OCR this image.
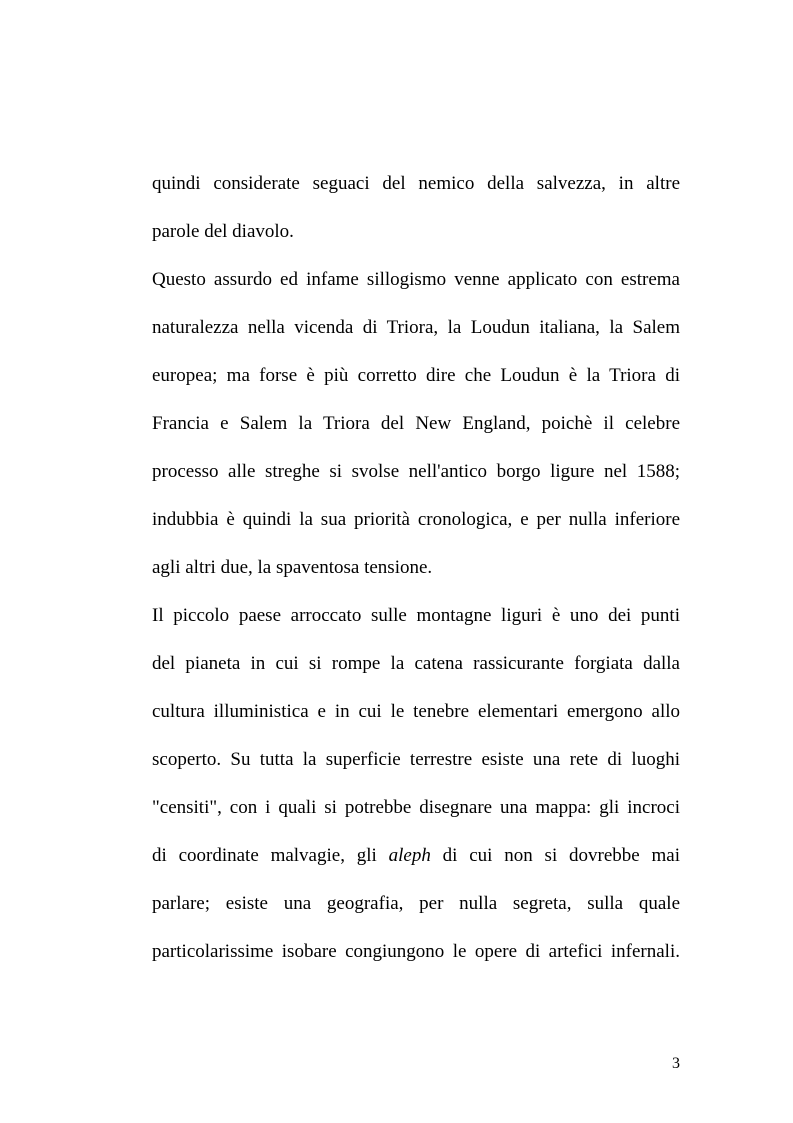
quindi considerate seguaci del nemico della salvezza, in altre
parole del diavolo.
Questo assurdo ed infame sillogismo venne applicato con estrema
naturalezza nella vicenda di Triora, la Loudun italiana, la Salem
europea; ma forse è più corretto dire che Loudun è la Triora di
Francia e Salem la Triora del New England, poichè il celebre
processo alle streghe si svolse nell'antico borgo ligure nel 1588;
indubbia è quindi la sua priorità cronologica, e per nulla inferiore
agli altri due, la spaventosa tensione.
Il piccolo paese arroccato sulle montagne liguri è uno dei punti
del pianeta in cui si rompe la catena rassicurante forgiata dalla
cultura illuministica e in cui le tenebre elementari emergono allo
scoperto. Su tutta la superficie terrestre esiste una rete di luoghi
"censiti", con i quali si potrebbe disegnare una mappa: gli incroci
di coordinate malvagie, gli aleph di cui non si dovrebbe mai
parlare; esiste una geografia, per nulla segreta, sulla quale
particolarissime isobare congiungono le opere di artefici infernali.
3
